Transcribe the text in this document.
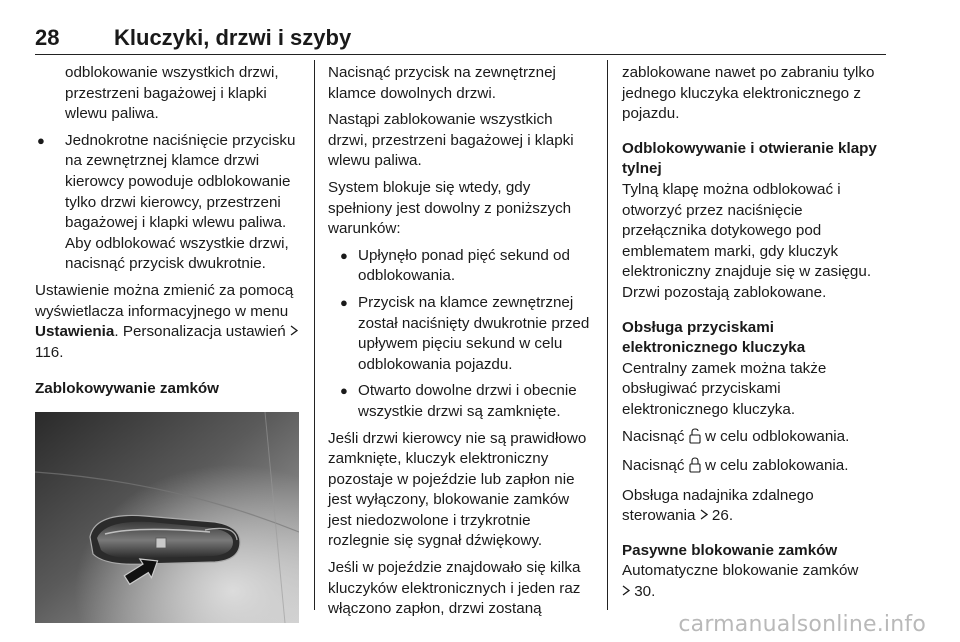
28 Kluczyki, drzwi i szyby

odblokowanie wszystkich drzwi, przestrzeni bagażowej i klapki wlewu paliwa.

● Jednokrotne naciśnięcie przycisku na zewnętrznej klamce drzwi kierowcy powoduje odblokowanie tylko drzwi kierowcy, przestrzeni bagażowej i klapki wlewu paliwa. Aby odblokować wszystkie drzwi, nacisnąć przycisk dwukrotnie.

Ustawienie można zmienić za pomocą wyświetlacza informacyjnego w menu Ustawienia. Personalizacja ustawień  116.

Zablokowywanie zamków

Nacisnąć przycisk na zewnętrznej klamce dowolnych drzwi.

Nastąpi zablokowanie wszystkich drzwi, przestrzeni bagażowej i klapki wlewu paliwa.

System blokuje się wtedy, gdy spełniony jest dowolny z poniższych warunków:

● Upłynęło ponad pięć sekund od odblokowania.
● Przycisk na klamce zewnętrznej został naciśnięty dwukrotnie przed upływem pięciu sekund w celu odblokowania pojazdu.
● Otwarto dowolne drzwi i obecnie wszystkie drzwi są zamknięte.

Jeśli drzwi kierowcy nie są prawidłowo zamknięte, kluczyk elektroniczny pozostaje w pojeździe lub zapłon nie jest wyłączony, blokowanie zamków jest niedozwolone i trzykrotnie rozlegnie się sygnał dźwiękowy.

Jeśli w pojeździe znajdowało się kilka kluczyków elektronicznych i jeden raz włączono zapłon, drzwi zostaną

zablokowane nawet po zabraniu tylko jednego kluczyka elektronicznego z pojazdu.

Odblokowywanie i otwieranie klapy tylnej

Tylną klapę można odblokować i otworzyć przez naciśnięcie przełącznika dotykowego pod emblematem marki, gdy kluczyk elektroniczny znajduje się w zasięgu. Drzwi pozostają zablokowane.

Obsługa przyciskami elektronicznego kluczyka

Centralny zamek można także obsługiwać przyciskami elektronicznego kluczyka.

Nacisnąć w celu odblokowania.

Nacisnąć w celu zablokowania.

Obsługa nadajnika zdalnego sterowania 26.

Pasywne blokowanie zamków

Automatyczne blokowanie zamków
30.

carmanualsonline.info
